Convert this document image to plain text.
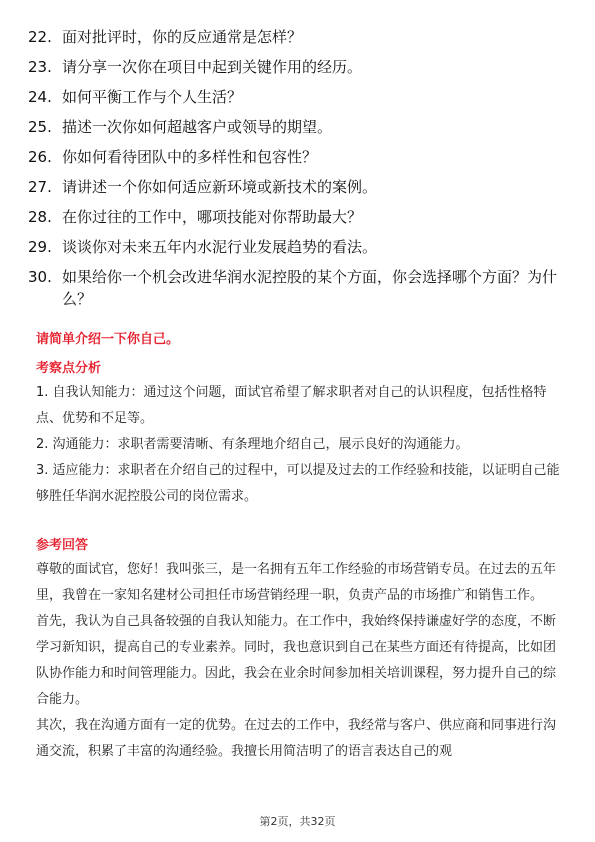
22. 面对批评时，你的反应通常是怎样？
23. 请分享一次你在项目中起到关键作用的经历。
24. 如何平衡工作与个人生活？
25. 描述一次你如何超越客户或领导的期望。
26. 你如何看待团队中的多样性和包容性？
27. 请讲述一个你如何适应新环境或新技术的案例。
28. 在你过往的工作中，哪项技能对你帮助最大？
29. 谈谈你对未来五年内水泥行业发展趋势的看法。
30. 如果给你一个机会改进华润水泥控股的某个方面，你会选择哪个方面？为什么？
请简单介绍一下你自己。
考察点分析

1. 自我认知能力：通过这个问题，面试官希望了解求职者对自己的认识程度，包括性格特点、优势和不足等。

2. 沟通能力：求职者需要清晰、有条理地介绍自己，展示良好的沟通能力。

3. 适应能力：求职者在介绍自己的过程中，可以提及过去的工作经验和技能，以证明自己能够胜任华润水泥控股公司的岗位需求。

参考回答

尊敬的面试官，您好！我叫张三，是一名拥有五年工作经验的市场营销专员。在过去的五年里，我曾在一家知名建材公司担任市场营销经理一职，负责产品的市场推广和销售工作。

首先，我认为自己具备较强的自我认知能力。在工作中，我始终保持谦虚好学的态度，不断学习新知识，提高自己的专业素养。同时，我也意识到自己在某些方面还有待提高，比如团队协作能力和时间管理能力。因此，我会在业余时间参加相关培训课程，努力提升自己的综合能力。

其次，我在沟通方面有一定的优势。在过去的工作中，我经常与客户、供应商和同事进行沟通交流，积累了丰富的沟通经验。我擅长用简洁明了的语言表达自己的观

第2页，共32页
